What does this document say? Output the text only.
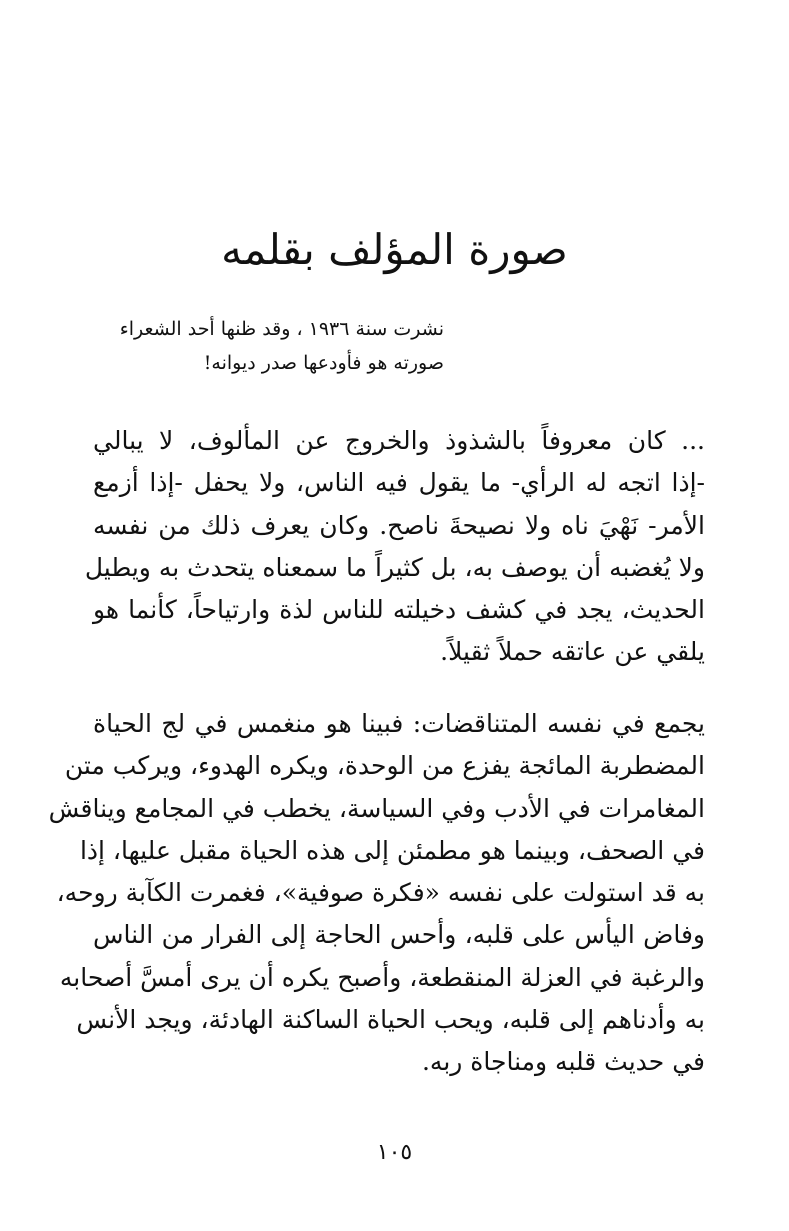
صورة المؤلف بقلمه
نشرت سنة ١٩٣٦ ، وقد ظنها أحد الشعراء
صورته هو فأودعها صدر ديوانه!

... كان معروفاً بالشذوذ والخروج عن المألوف، لا يبالي
-إذا اتجه له الرأي- ما يقول فيه الناس، ولا يحفل -إذا أزمع
الأمر- نَهْيَ ناه ولا نصيحةَ ناصح. وكان يعرف ذلك من نفسه
ولا يُغضبه أن يوصف به، بل كثيراً ما سمعناه يتحدث به ويطيل
الحديث، يجد في كشف دخيلته للناس لذة وارتياحاً، كأنما هو
يلقي عن عاتقه حملاً ثقيلاً.

يجمع في نفسه المتناقضات: فبينا هو منغمس في لج الحياة
المضطربة المائجة يفزع من الوحدة، ويكره الهدوء، ويركب متن
المغامرات في الأدب وفي السياسة، يخطب في المجامع ويناقش
في الصحف، وبينما هو مطمئن إلى هذه الحياة مقبل عليها، إذا
به قد استولت على نفسه «فكرة صوفية»، فغمرت الكآبة روحه،
وفاض اليأس على قلبه، وأحس الحاجة إلى الفرار من الناس
والرغبة في العزلة المنقطعة، وأصبح يكره أن يرى أمسَّ أصحابه
به وأدناهم إلى قلبه، ويحب الحياة الساكنة الهادئة، ويجد الأنس
في حديث قلبه ومناجاة ربه.

١٠٥
